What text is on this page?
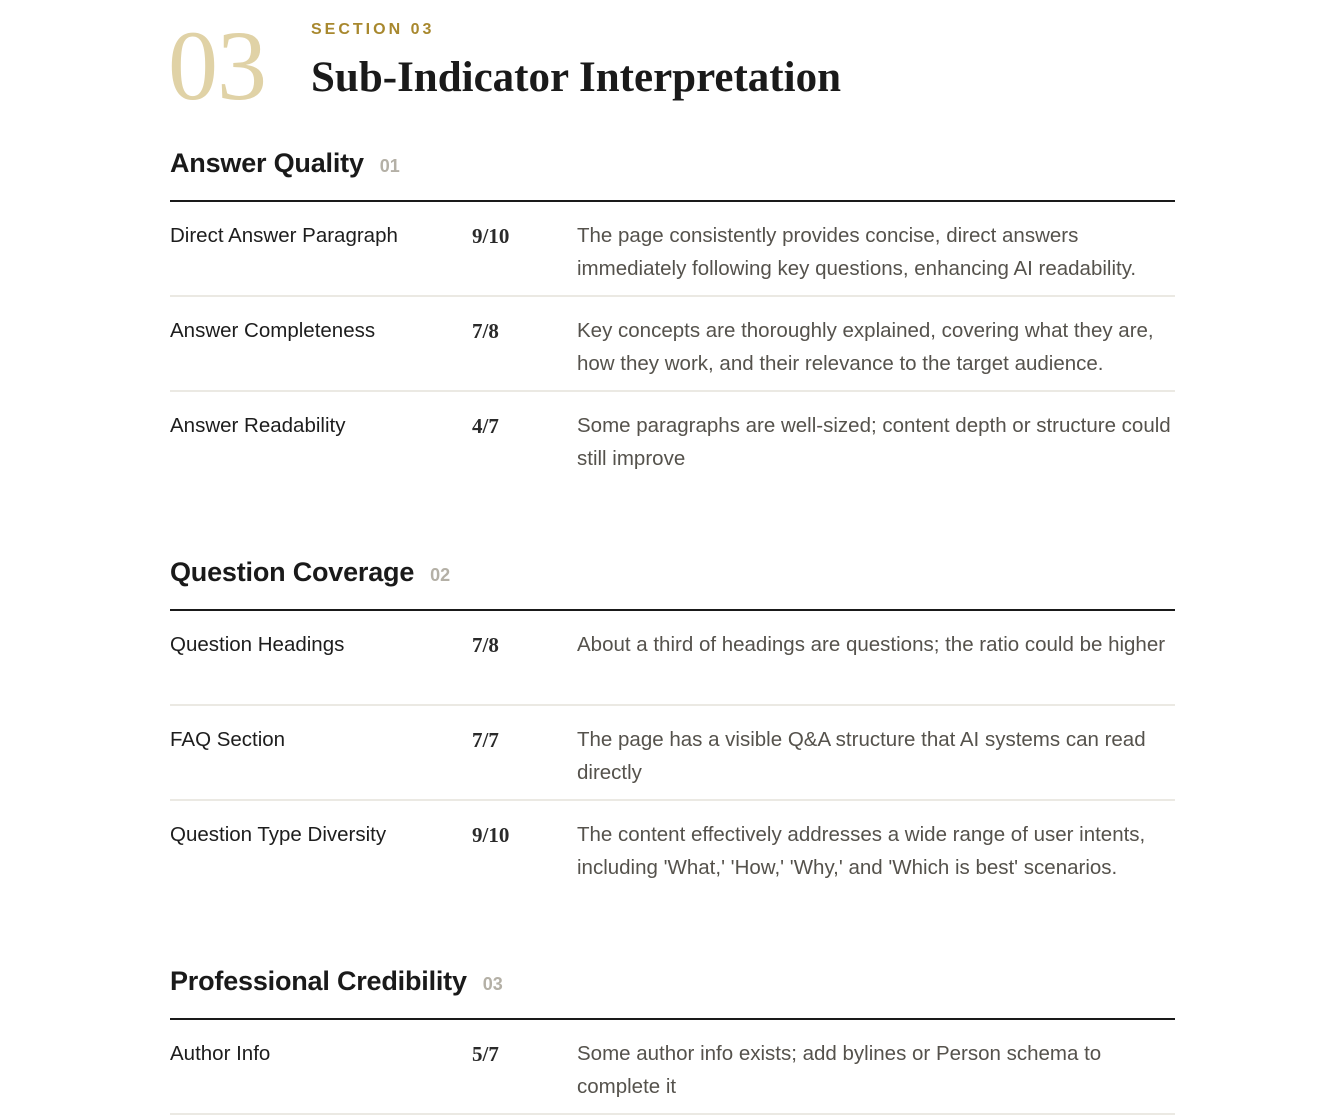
03	SECTION 03
Sub-Indicator Interpretation
Answer Quality 01
Direct Answer Paragraph	9/10	The page consistently provides concise, direct answers immediately following key questions, enhancing AI readability.
Answer Completeness	7/8	Key concepts are thoroughly explained, covering what they are, how they work, and their relevance to the target audience.
Answer Readability	4/7	Some paragraphs are well-sized; content depth or structure could still improve
Question Coverage 02
Question Headings	7/8	About a third of headings are questions; the ratio could be higher
FAQ Section	7/7	The page has a visible Q&A structure that AI systems can read directly
Question Type Diversity	9/10	The content effectively addresses a wide range of user intents, including 'What,' 'How,' 'Why,' and 'Which is best' scenarios.
Professional Credibility 03
Author Info	5/7	Some author info exists; add bylines or Person schema to complete it
